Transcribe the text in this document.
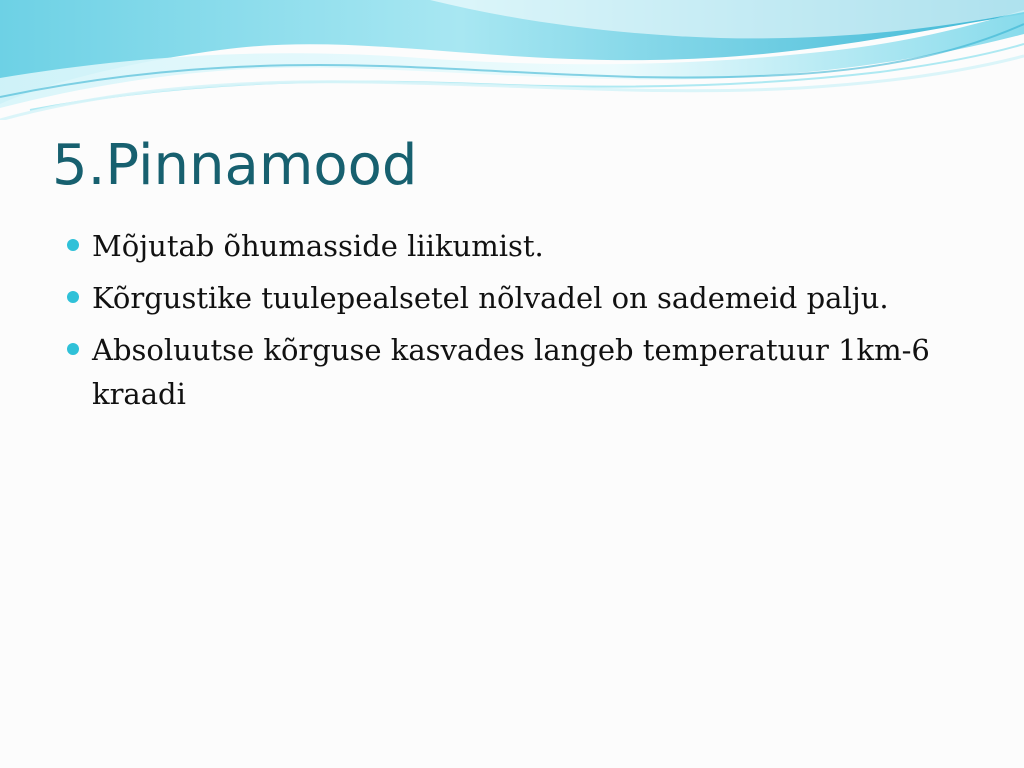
5.Pinnamood
Mõjutab õhumasside liikumist.
Kõrgustike tuulepealsetel nõlvadel on sademeid palju.
Absoluutse kõrguse kasvades langeb temperatuur 1km-6 kraadi
